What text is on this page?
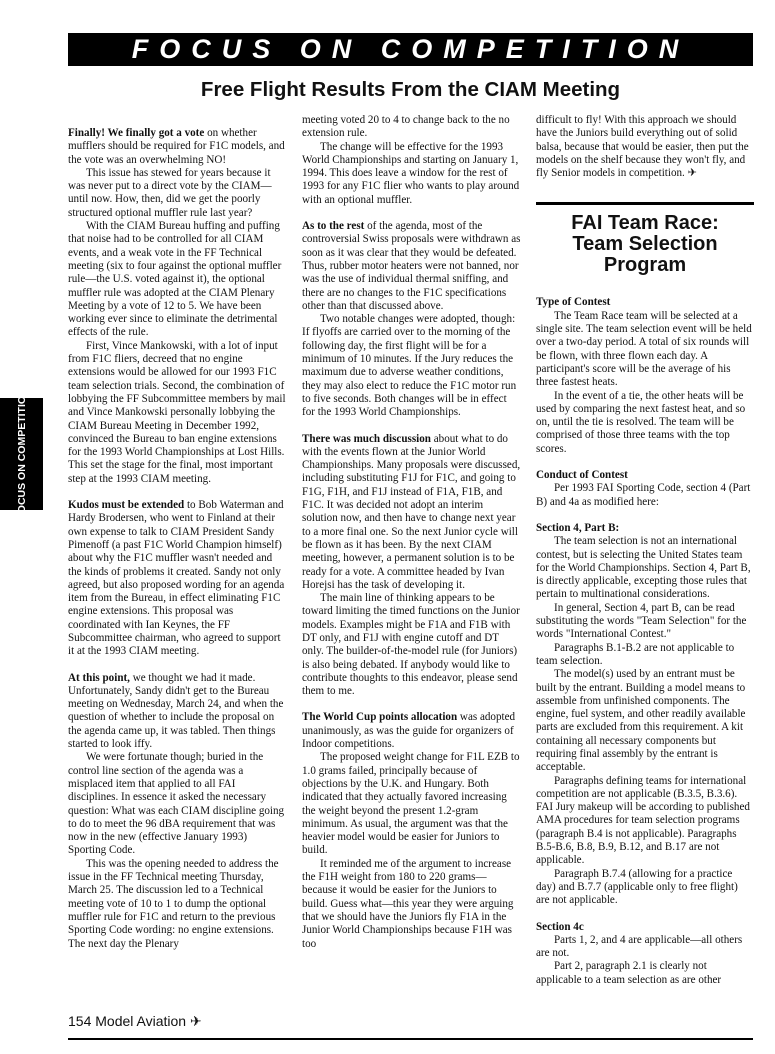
FOCUS ON COMPETITION
Free Flight Results From the CIAM Meeting
FOCUS ON COMPETITION

Finally! We finally got a vote on whether mufflers should be required for F1C models, and the vote was an overwhelming NO!

This issue has stewed for years because it was never put to a direct vote by the CIAM—until now. How, then, did we get the poorly structured optional muffler rule last year?

With the CIAM Bureau huffing and puffing that noise had to be controlled for all CIAM events, and a weak vote in the FF Technical meeting (six to four against the optional muffler rule—the U.S. voted against it), the optional muffler rule was adopted at the CIAM Plenary Meeting by a vote of 12 to 5. We have been working ever since to eliminate the detrimental effects of the rule.

First, Vince Mankowski, with a lot of input from F1C fliers, decreed that no engine extensions would be allowed for our 1993 F1C team selection trials. Second, the combination of lobbying the FF Subcommittee members by mail and Vince Mankowski personally lobbying the CIAM Bureau Meeting in December 1992, convinced the Bureau to ban engine extensions for the 1993 World Championships at Lost Hills. This set the stage for the final, most important step at the 1993 CIAM meeting.

Kudos must be extended to Bob Waterman and Hardy Brodersen, who went to Finland at their own expense to talk to CIAM President Sandy Pimenoff (a past F1C World Champion himself) about why the F1C muffler wasn't needed and the kinds of problems it created. Sandy not only agreed, but also proposed wording for an agenda item from the Bureau, in effect eliminating F1C engine extensions. This proposal was coordinated with Ian Keynes, the FF Subcommittee chairman, who agreed to support it at the 1993 CIAM meeting.

At this point, we thought we had it made. Unfortunately, Sandy didn't get to the Bureau meeting on Wednesday, March 24, and when the question of whether to include the proposal on the agenda came up, it was tabled. Then things started to look iffy.

We were fortunate though; buried in the control line section of the agenda was a misplaced item that applied to all FAI disciplines. In essence it asked the necessary question: What was each CIAM discipline going to do to meet the 96 dBA requirement that was now in the new (effective January 1993) Sporting Code.

This was the opening needed to address the issue in the FF Technical meeting Thursday, March 25. The discussion led to a Technical meeting vote of 10 to 1 to dump the optional muffler rule for F1C and return to the previous Sporting Code wording: no engine extensions. The next day the Plenary

meeting voted 20 to 4 to change back to the no extension rule.

The change will be effective for the 1993 World Championships and starting on January 1, 1994. This does leave a window for the rest of 1993 for any F1C flier who wants to play around with an optional muffler.

As to the rest of the agenda, most of the controversial Swiss proposals were withdrawn as soon as it was clear that they would be defeated. Thus, rubber motor heaters were not banned, nor was the use of individual thermal sniffing, and there are no changes to the F1C specifications other than that discussed above.

Two notable changes were adopted, though: If flyoffs are carried over to the morning of the following day, the first flight will be for a minimum of 10 minutes. If the Jury reduces the maximum due to adverse weather conditions, they may also elect to reduce the F1C motor run to five seconds. Both changes will be in effect for the 1993 World Championships.

There was much discussion about what to do with the events flown at the Junior World Championships. Many proposals were discussed, including substituting F1J for F1C, and going to F1G, F1H, and F1J instead of F1A, F1B, and F1C. It was decided not adopt an interim solution now, and then have to change next year to a more final one. So the next Junior cycle will be flown as it has been. By the next CIAM meeting, however, a permanent solution is to be ready for a vote. A committee headed by Ivan Horejsi has the task of developing it.

The main line of thinking appears to be toward limiting the timed functions on the Junior models. Examples might be F1A and F1B with DT only, and F1J with engine cutoff and DT only. The builder-of-the-model rule (for Juniors) is also being debated. If anybody would like to contribute thoughts to this endeavor, please send them to me.

The World Cup points allocation was adopted unanimously, as was the guide for organizers of Indoor competitions.

The proposed weight change for F1L EZB to 1.0 grams failed, principally because of objections by the U.K. and Hungary. Both indicated that they actually favored increasing the weight beyond the present 1.2-gram minimum. As usual, the argument was that the heavier model would be easier for Juniors to build.

It reminded me of the argument to increase the F1H weight from 180 to 220 grams—because it would be easier for the Juniors to build. Guess what—this year they were arguing that we should have the Juniors fly F1A in the Junior World Championships because F1H was too

difficult to fly! With this approach we should have the Juniors build everything out of solid balsa, because that would be easier, then put the models on the shelf because they won't fly, and fly Senior models in competition. ✈

FAI Team Race:
Team Selection
Program

Type of Contest

The Team Race team will be selected at a single site. The team selection event will be held over a two-day period. A total of six rounds will be flown, with three flown each day. A participant's score will be the average of his three fastest heats.

In the event of a tie, the other heats will be used by comparing the next fastest heat, and so on, until the tie is resolved. The team will be comprised of those three teams with the top scores.

Conduct of Contest

Per 1993 FAI Sporting Code, section 4 (Part B) and 4a as modified here:

Section 4, Part B:

The team selection is not an international contest, but is selecting the United States team for the World Championships. Section 4, Part B, is directly applicable, excepting those rules that pertain to multinational considerations.

In general, Section 4, part B, can be read substituting the words "Team Selection" for the words "International Contest."

Paragraphs B.1-B.2 are not applicable to team selection.

The model(s) used by an entrant must be built by the entrant. Building a model means to assemble from unfinished components. The engine, fuel system, and other readily available parts are excluded from this requirement. A kit containing all necessary components but requiring final assembly by the entrant is acceptable.

Paragraphs defining teams for international competition are not applicable (B.3.5, B.3.6). FAI Jury makeup will be according to published AMA procedures for team selection programs (paragraph B.4 is not applicable). Paragraphs B.5-B.6, B.8, B.9, B.12, and B.17 are not applicable.

Paragraph B.7.4 (allowing for a practice day) and B.7.7 (applicable only to free flight) are not applicable.

Section 4c

Parts 1, 2, and 4 are applicable—all others are not.

Part 2, paragraph 2.1 is clearly not applicable to a team selection as are other

154 Model Aviation ✈
